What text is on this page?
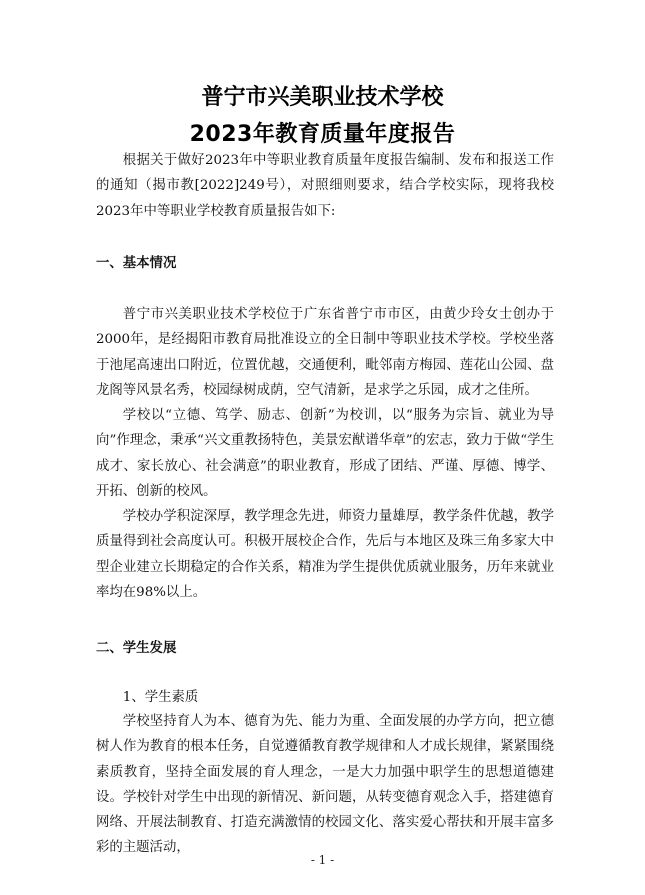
普宁市兴美职业技术学校
2023年教育质量年度报告

根据关于做好2023年中等职业教育质量年度报告编制、发布和报送工作的通知（揭市教[2022]249号），对照细则要求，结合学校实际，现将我校2023年中等职业学校教育质量报告如下:

一、基本情况

普宁市兴美职业技术学校位于广东省普宁市市区，由黄少玲女士创办于2000年，是经揭阳市教育局批准设立的全日制中等职业技术学校。学校坐落于池尾高速出口附近，位置优越，交通便利，毗邻南方梅园、莲花山公园、盘龙阁等风景名秀，校园绿树成荫，空气清新，是求学之乐园，成才之佳所。

学校以“立德、笃学、励志、创新”为校训，以“服务为宗旨、就业为导向”作理念，秉承“兴文重教扬特色，美景宏猷谱华章”的宏志，致力于做“学生成才、家长放心、社会满意”的职业教育，形成了团结、严谨、厚德、博学、开拓、创新的校风。

学校办学积淀深厚，教学理念先进，师资力量雄厚，教学条件优越，教学质量得到社会高度认可。积极开展校企合作，先后与本地区及珠三角多家大中型企业建立长期稳定的合作关系，精准为学生提供优质就业服务，历年来就业率均在98%以上。

二、学生发展

1、学生素质

学校坚持育人为本、德育为先、能力为重、全面发展的办学方向，把立德树人作为教育的根本任务，自觉遵循教育教学规律和人才成长规律，紧紧围绕素质教育，坚持全面发展的育人理念，一是大力加强中职学生的思想道德建设。学校针对学生中出现的新情况、新问题，从转变德育观念入手，搭建德育网络、开展法制教育、打造充满激情的校园文化、落实爱心帮扶和开展丰富多彩的主题活动，

- 1 -
